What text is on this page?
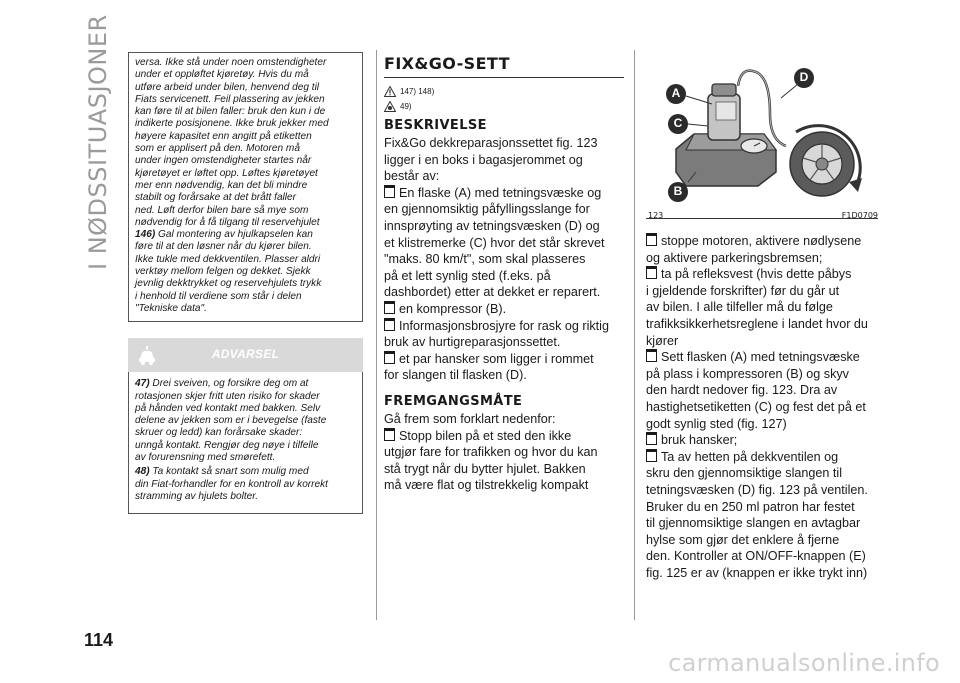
I NØDSSITUASJONER
114
carmanualsonline.info
versa. Ikke stå under noen omstendigheter
under et oppløftet kjøretøy. Hvis du må
utføre arbeid under bilen, henvend deg til
Fiats servicenett. Feil plassering av jekken
kan føre til at bilen faller: bruk den kun i de
indikerte posisjonene. Ikke bruk jekker med
høyere kapasitet enn angitt på etiketten
som er applisert på den. Motoren må
under ingen omstendigheter startes når
kjøretøyet er løftet opp. Løftes kjøretøyet
mer enn nødvendig, kan det bli mindre
stabilt og forårsake at det brått faller
ned. Løft derfor bilen bare så mye som
nødvendig for å få tilgang til reservehjulet
146) Gal montering av hjulkapselen kan
føre til at den løsner når du kjører bilen.
Ikke tukle med dekkventilen. Plasser aldri
verktøy mellom felgen og dekket. Sjekk
jevnlig dekktrykket og reservehjulets trykk
i henhold til verdiene som står i delen
"Tekniske data".
ADVARSEL
47) Drei sveiven, og forsikre deg om at
rotasjonen skjer fritt uten risiko for skader
på hånden ved kontakt med bakken. Selv
delene av jekken som er i bevegelse (faste
skruer og ledd) kan forårsake skader:
unngå kontakt. Rengjør deg nøye i tilfelle
av forurensning med smørefett.
48) Ta kontakt så snart som mulig med
din Fiat-forhandler for en kontroll av korrekt
stramming av hjulets bolter.
FIX&GO-SETT
147) 148)
49)
BESKRIVELSE
Fix&Go dekkreparasjonssettet fig. 123
ligger i en boks i bagasjerommet og
består av:
En flaske (A) med tetningsvæske og
en gjennomsiktig påfyllingsslange for
innsprøyting av tetningsvæsken (D) og
et klistremerke (C) hvor det står skrevet
"maks. 80 km/t", som skal plasseres
på et lett synlig sted (f.eks. på
dashbordet) etter at dekket er reparert.
en kompressor (B).
Informasjonsbrosjyre for rask og riktig
bruk av hurtigreparasjonssettet.
et par hansker som ligger i rommet
for slangen til flasken (D).
FREMGANGSMÅTE
Gå frem som forklart nedenfor:
Stopp bilen på et sted den ikke
utgjør fare for trafikken og hvor du kan
stå trygt når du bytter hjulet. Bakken
må være flat og tilstrekkelig kompakt
A
B
C
D
123	F1D0709
stoppe motoren, aktivere nødlysene
og aktivere parkeringsbremsen;
ta på refleksvest (hvis dette påbys
i gjeldende forskrifter) før du går ut
av bilen. I alle tilfeller må du følge
trafikksikkerhetsreglene i landet hvor du
kjører
Sett flasken (A) med tetningsvæske
på plass i kompressoren (B) og skyv
den hardt nedover fig. 123. Dra av
hastighetsetiketten (C) og fest det på et
godt synlig sted (fig. 127)
bruk hansker;
Ta av hetten på dekkventilen og
skru den gjennomsiktige slangen til
tetningsvæsken (D) fig. 123 på ventilen.
Bruker du en 250 ml patron har festet
til gjennomsiktige slangen en avtagbar
hylse som gjør det enklere å fjerne
den. Kontroller at ON/OFF-knappen (E)
fig. 125 er av (knappen er ikke trykt inn)
